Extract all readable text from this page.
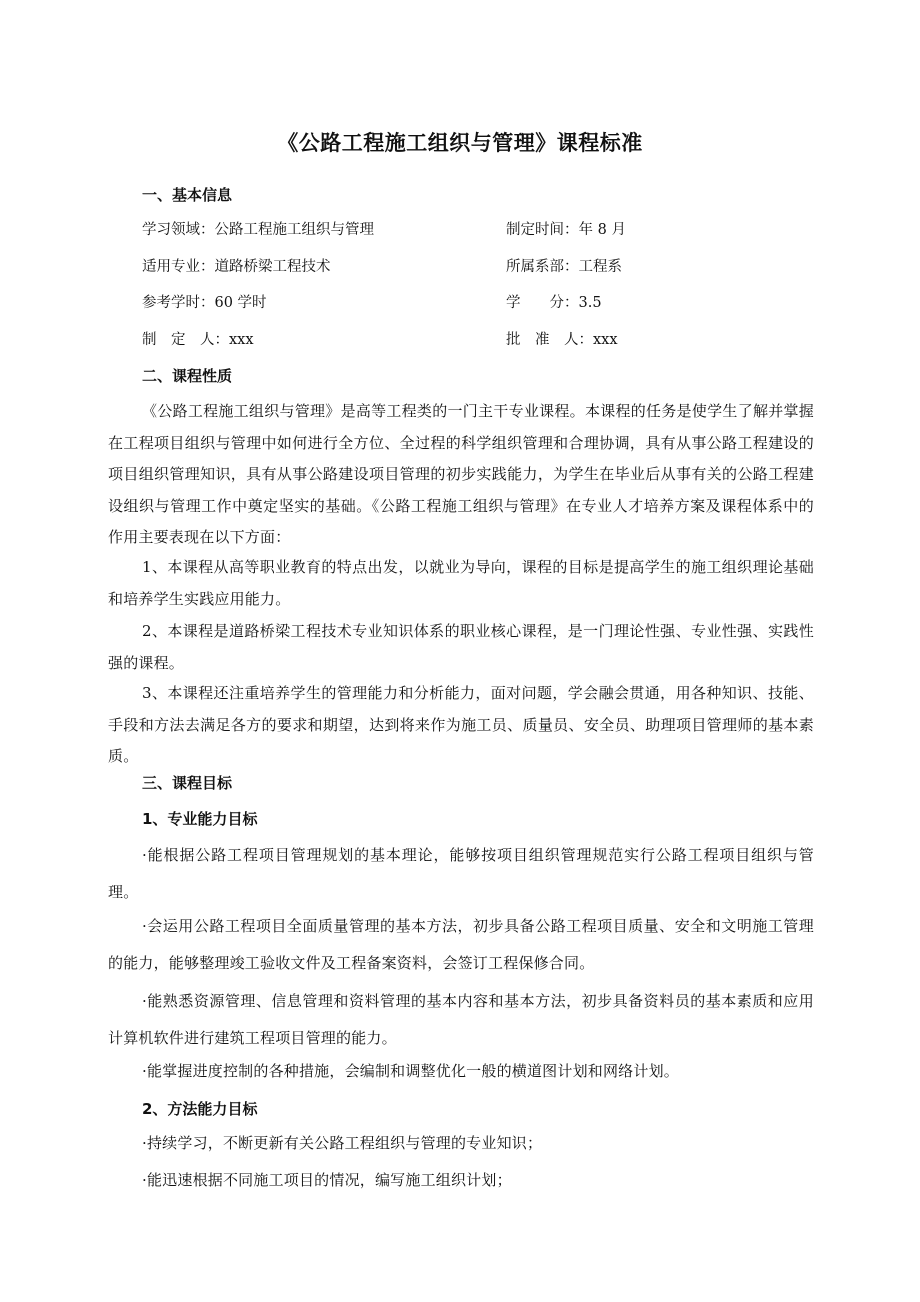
《公路工程施工组织与管理》课程标准
一、基本信息
学习领域：公路工程施工组织与管理	制定时间：年 8 月
适用专业：道路桥梁工程技术	所属系部：工程系
参考学时：60 学时	学　　分：3.5
制　定　人：xxx	批　准　人：xxx
二、课程性质
《公路工程施工组织与管理》是高等工程类的一门主干专业课程。本课程的任务是使学生了解并掌握在工程项目组织与管理中如何进行全方位、全过程的科学组织管理和合理协调，具有从事公路工程建设的项目组织管理知识，具有从事公路建设项目管理的初步实践能力，为学生在毕业后从事有关的公路工程建设组织与管理工作中奠定坚实的基础。《公路工程施工组织与管理》在专业人才培养方案及课程体系中的作用主要表现在以下方面：
1、本课程从高等职业教育的特点出发，以就业为导向，课程的目标是提高学生的施工组织理论基础和培养学生实践应用能力。
2、本课程是道路桥梁工程技术专业知识体系的职业核心课程，是一门理论性强、专业性强、实践性强的课程。
3、本课程还注重培养学生的管理能力和分析能力，面对问题，学会融会贯通，用各种知识、技能、手段和方法去满足各方的要求和期望，达到将来作为施工员、质量员、安全员、助理项目管理师的基本素质。
三、课程目标
1、专业能力目标
·能根据公路工程项目管理规划的基本理论，能够按项目组织管理规范实行公路工程项目组织与管理。
·会运用公路工程项目全面质量管理的基本方法，初步具备公路工程项目质量、安全和文明施工管理的能力，能够整理竣工验收文件及工程备案资料，会签订工程保修合同。
·能熟悉资源管理、信息管理和资料管理的基本内容和基本方法，初步具备资料员的基本素质和应用计算机软件进行建筑工程项目管理的能力。
·能掌握进度控制的各种措施，会编制和调整优化一般的横道图计划和网络计划。
2、方法能力目标
·持续学习，不断更新有关公路工程组织与管理的专业知识；
·能迅速根据不同施工项目的情况，编写施工组织计划；
